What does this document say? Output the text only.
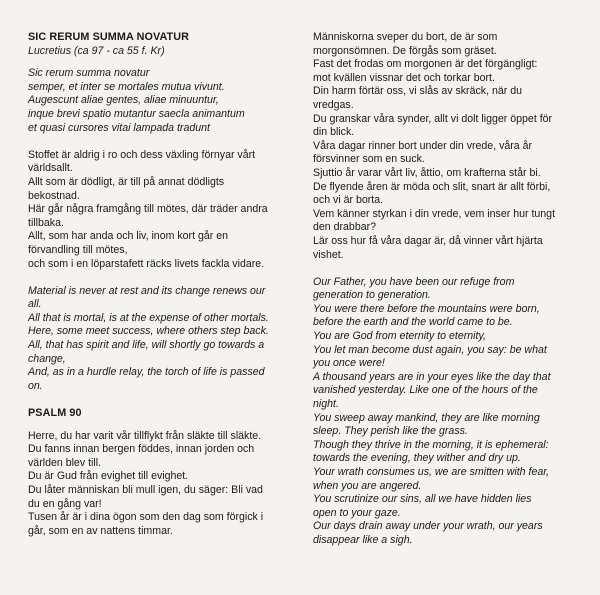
SIC RERUM SUMMA NOVATUR
Lucretius (ca 97 - ca 55 f. Kr)
Sic rerum summa novatur
semper, et inter se mortales mutua vivunt.
Augescunt aliae gentes, aliae minuuntur,
inque brevi spatio mutantur saecla animantum
et quasi cursores vitai lampada tradunt
Stoffet är aldrig i ro och dess växling förnyar vårt
världsallt.
Allt som är dödligt, är till på annat dödligts
bekostnad.
Här går några framgång till mötes, där träder andra
tillbaka.
Allt, som har anda och liv, inom kort går en
förvandling till mötes,
och som i en löparstafett räcks livets fackla vidare.
Material is never at rest and its change renews our
all.
All that is mortal, is at the expense of other mortals.
Here, some meet success, where others step back.
All, that has spirit and life, will shortly go towards a
change,
And, as in a hurdle relay, the torch of life is passed
on.
PSALM 90
Herre, du har varit vår tillflykt från släkte till släkte.
Du fanns innan bergen föddes, innan jorden och
världen blev till.
Du är Gud från evighet till evighet.
Du låter människan bli mull igen, du säger: Bli vad
du en gång var!
Tusen år är i dina ögon som den dag som förgick i
går, som en av nattens timmar.
Människorna sveper du bort, de är som
morgonsömnen. De förgås som gräset.
Fast det frodas om morgonen är det förgängligt:
mot kvällen vissnar det och torkar bort.
Din harm förtär oss, vi slås av skräck, när du
vredgas.
Du granskar våra synder, allt vi dolt ligger öppet för
din blick.
Våra dagar rinner bort under din vrede, våra år
försvinner som en suck.
Sjuttio år varar vårt liv, åttio, om krafterna står bi.
De flyende åren är möda och slit, snart är allt förbi,
och vi är borta.
Vem känner styrkan i din vrede, vem inser hur tungt
den drabbar?
Lär oss hur få våra dagar är, då vinner vårt hjärta
vishet.
Our Father, you have been our refuge from
generation to generation.
You were there before the mountains were born,
before the earth and the world came to be.
You are God from eternity to eternity,
You let man become dust again, you say: be what
you once were!
A thousand years are in your eyes like the day that
vanished yesterday. Like one of the hours of the
night.
You sweep away mankind, they are like morning
sleep. They perish like the grass.
Though they thrive in the morning, it is ephemeral:
towards the evening, they wither and dry up.
Your wrath consumes us, we are smitten with fear,
when you are angered.
You scrutinize our sins, all we have hidden lies
open to your gaze.
Our days drain away under your wrath, our years
disappear like a sigh.
